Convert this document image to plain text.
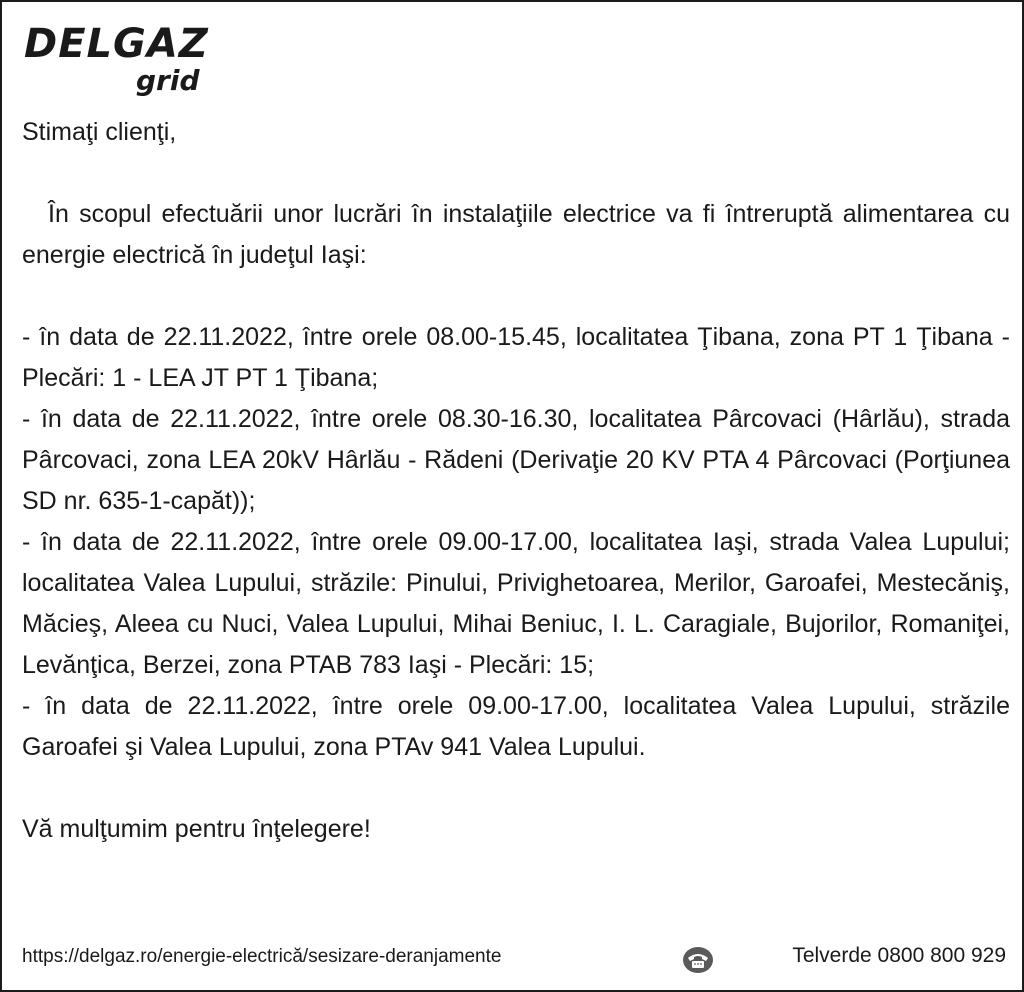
DELGAZ
grid

Stimaţi clienţi,

În scopul efectuării unor lucrări în instalaţiile electrice va fi întreruptă alimentarea cu energie electrică în judeţul Iaşi:

- în data de 22.11.2022, între orele 08.00-15.45, localitatea Ţibana, zona PT 1 Ţibana - Plecări: 1 - LEA JT PT 1 Ţibana;

- în data de 22.11.2022, între orele 08.30-16.30, localitatea Pârcovaci (Hârlău), strada Pârcovaci, zona LEA 20kV Hârlău - Rădeni (Derivaţie 20 KV PTA 4 Pârcovaci (Porţiunea SD nr. 635-1-capăt));

- în data de 22.11.2022, între orele 09.00-17.00, localitatea Iaşi, strada Valea Lupului; localitatea Valea Lupului, străzile: Pinului, Privighetoarea, Merilor, Garoafei, Mestecăniş, Măcieş, Aleea cu Nuci, Valea Lupului, Mihai Beniuc, I. L. Caragiale, Bujorilor, Romaniţei, Levănţica, Berzei, zona PTAB 783 Iaşi - Plecări: 15;

- în data de 22.11.2022, între orele 09.00-17.00, localitatea Valea Lupului, străzile Garoafei şi Valea Lupului, zona PTAv 941 Valea Lupului.

Vă mulţumim pentru înţelegere!

https://delgaz.ro/energie-electrică/sesizare-deranjamente	Telverde 0800 800 929
